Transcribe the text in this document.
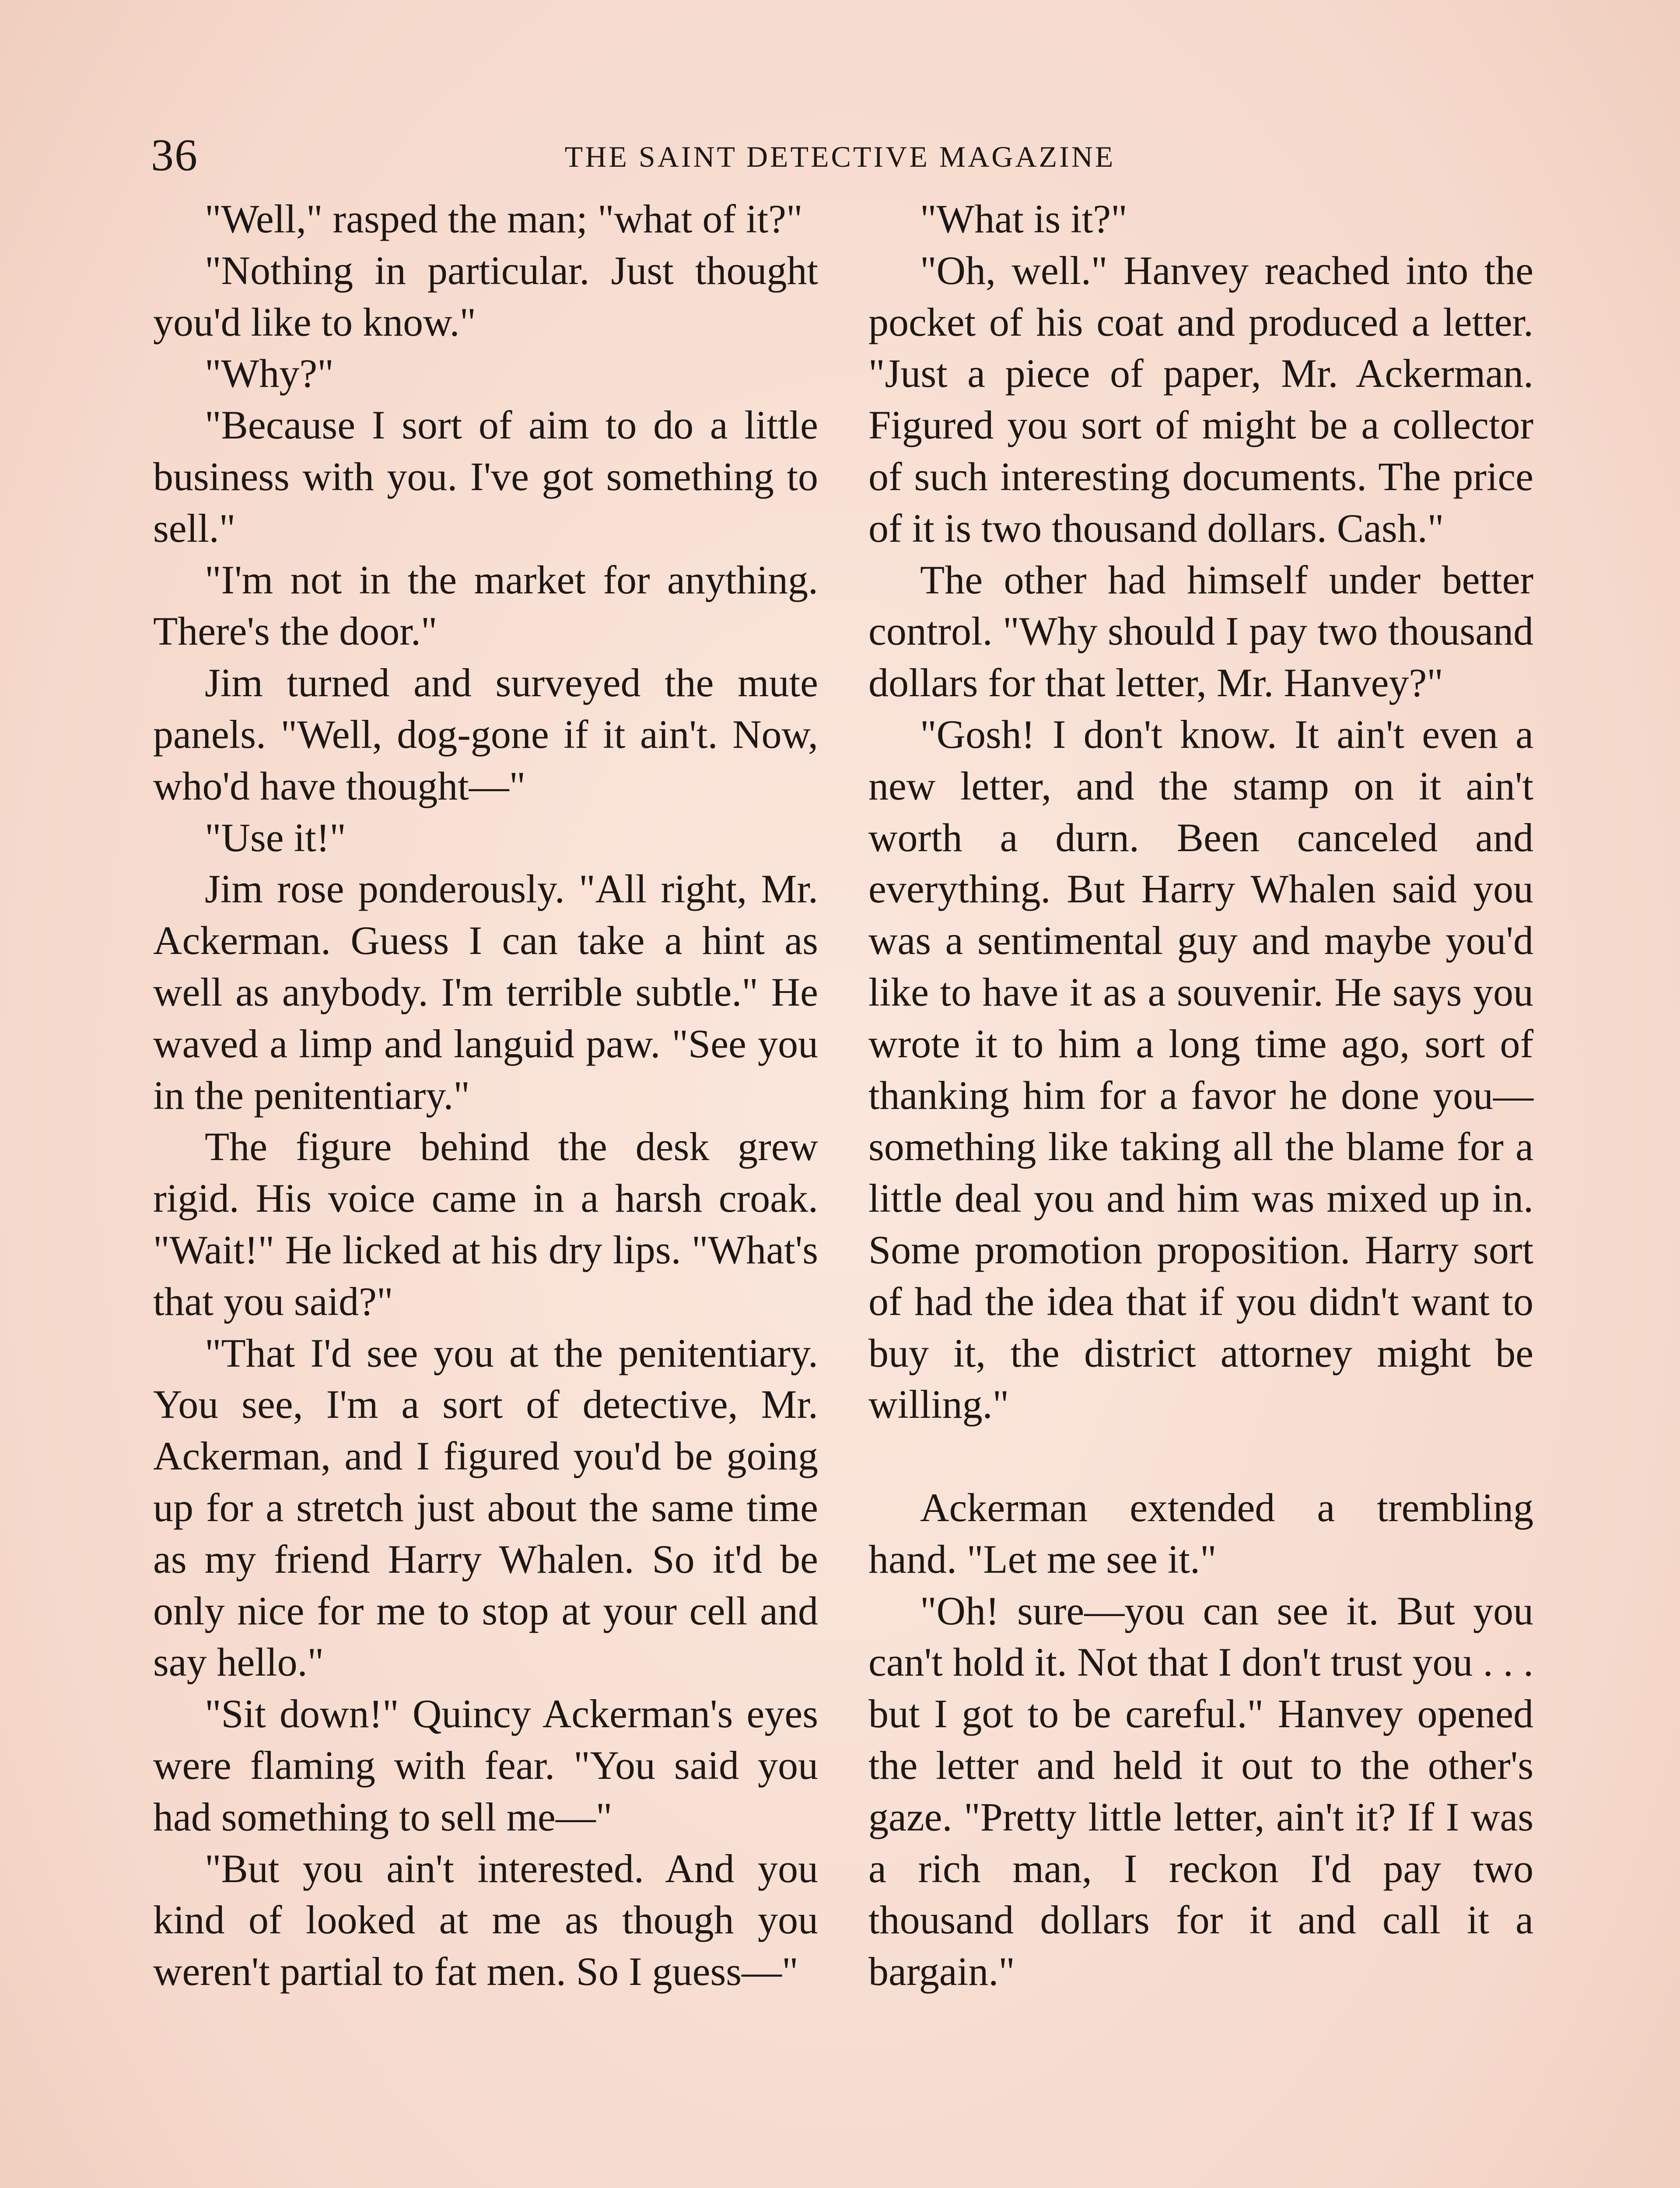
36	THE SAINT DETECTIVE MAGAZINE

"Well," rasped the man; "what of it?"

"Nothing in particular. Just thought you'd like to know."

"Why?"

"Because I sort of aim to do a little business with you. I've got something to sell."

"I'm not in the market for anything. There's the door."

Jim turned and surveyed the mute panels. "Well, dog-gone if it ain't. Now, who'd have thought—"

"Use it!"

Jim rose ponderously. "All right, Mr. Ackerman. Guess I can take a hint as well as anybody. I'm terrible subtle." He waved a limp and languid paw. "See you in the penitentiary."

The figure behind the desk grew rigid. His voice came in a harsh croak. "Wait!" He licked at his dry lips. "What's that you said?"

"That I'd see you at the penitentiary. You see, I'm a sort of detective, Mr. Ackerman, and I figured you'd be going up for a stretch just about the same time as my friend Harry Whalen. So it'd be only nice for me to stop at your cell and say hello."

"Sit down!" Quincy Ackerman's eyes were flaming with fear. "You said you had something to sell me—"

"But you ain't interested. And you kind of looked at me as though you weren't partial to fat men. So I guess—"

"What is it?"

"Oh, well." Hanvey reached into the pocket of his coat and produced a letter. "Just a piece of paper, Mr. Ackerman. Figured you sort of might be a collector of such interesting documents. The price of it is two thousand dollars. Cash."

The other had himself under better control. "Why should I pay two thousand dollars for that letter, Mr. Hanvey?"

"Gosh! I don't know. It ain't even a new letter, and the stamp on it ain't worth a durn. Been canceled and everything. But Harry Whalen said you was a sentimental guy and maybe you'd like to have it as a souvenir. He says you wrote it to him a long time ago, sort of thanking him for a favor he done you—something like taking all the blame for a little deal you and him was mixed up in. Some promotion proposition. Harry sort of had the idea that if you didn't want to buy it, the district attorney might be willing."

Ackerman extended a trembling hand. "Let me see it."

"Oh! sure—you can see it. But you can't hold it. Not that I don't trust you . . . but I got to be careful." Hanvey opened the letter and held it out to the other's gaze. "Pretty little letter, ain't it? If I was a rich man, I reckon I'd pay two thousand dollars for it and call it a bargain."
